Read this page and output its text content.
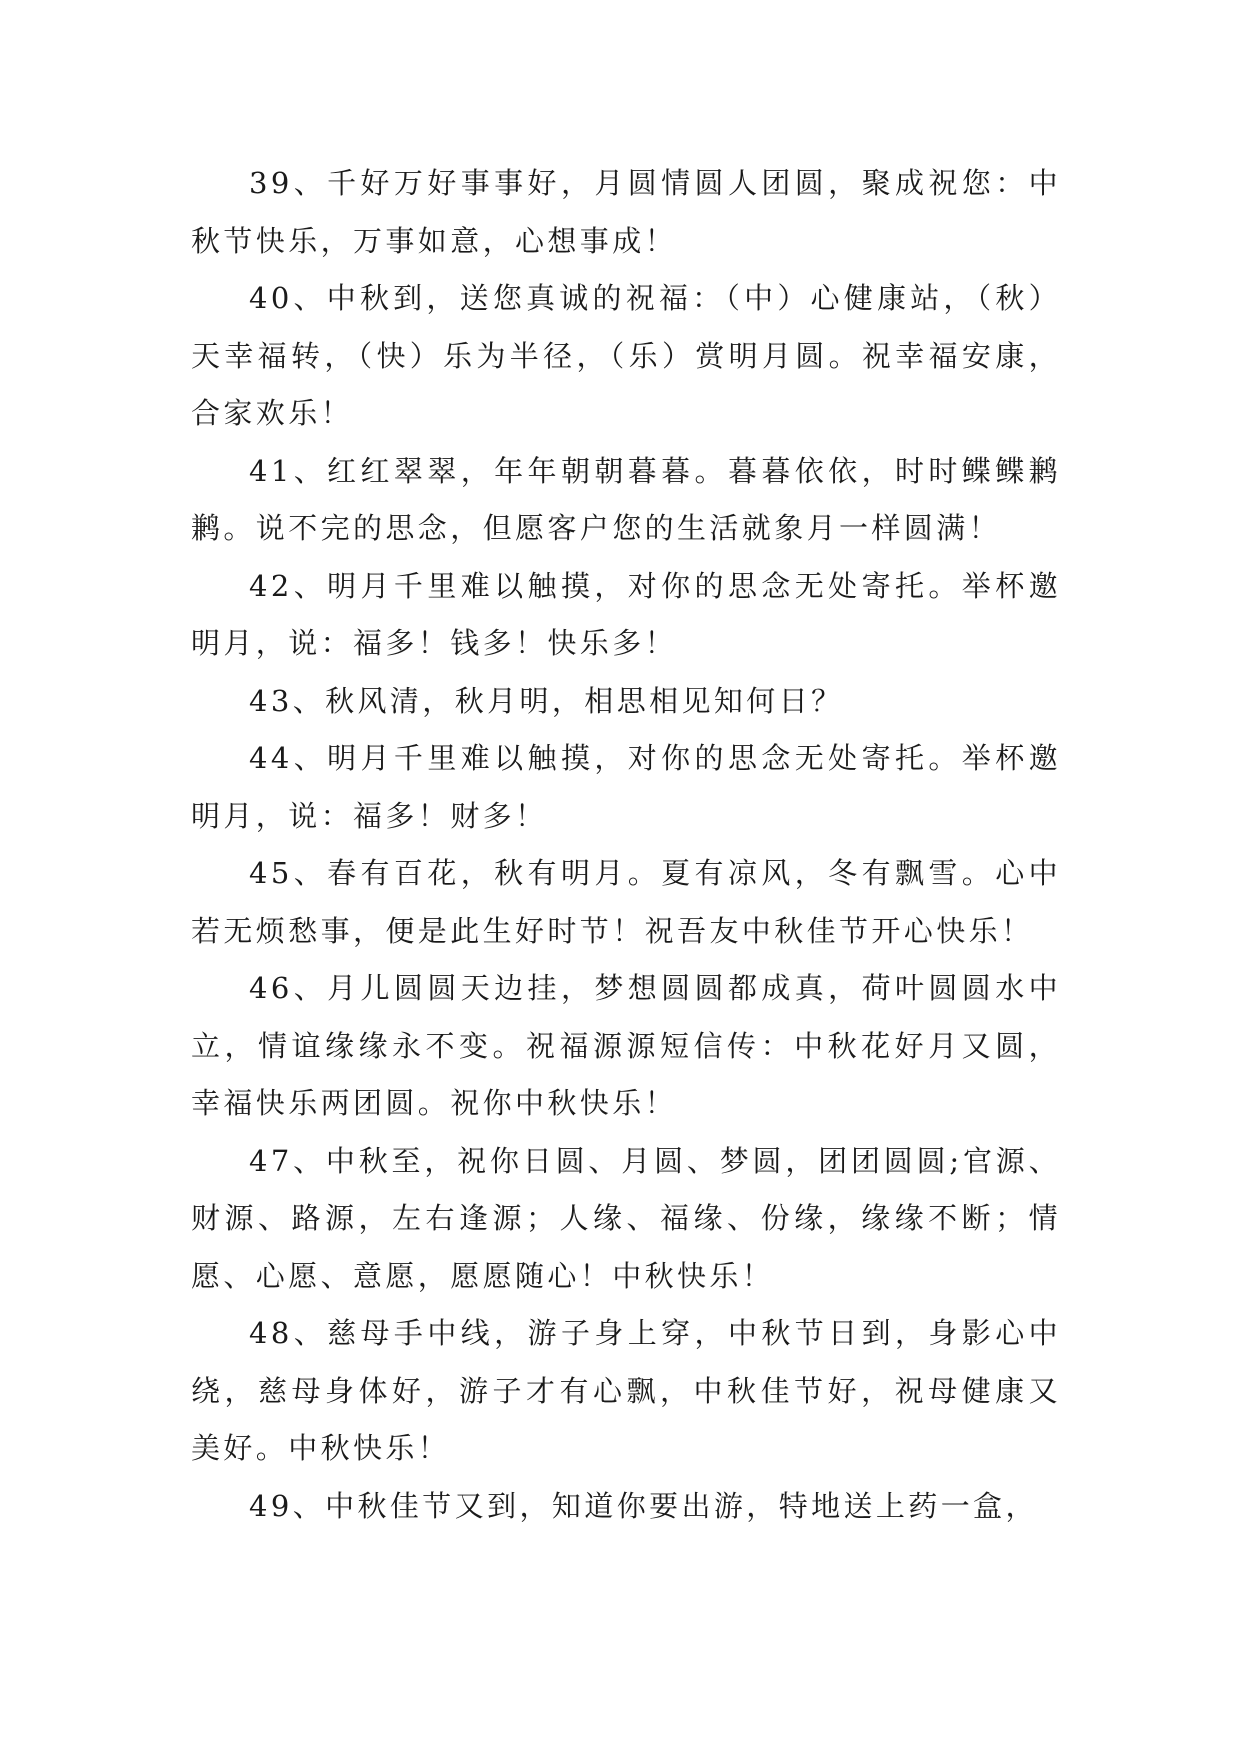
39、千好万好事事好，月圆情圆人团圆，聚成祝您：中秋节快乐，万事如意，心想事成！

40、中秋到，送您真诚的祝福：（中）心健康站，（秋）天幸福转，（快）乐为半径，（乐）赏明月圆。祝幸福安康，合家欢乐！

41、红红翠翠，年年朝朝暮暮。暮暮依依，时时鲽鲽鹣鹣。说不完的思念，但愿客户您的生活就象月一样圆满！

42、明月千里难以触摸，对你的思念无处寄托。举杯邀明月，说：福多！钱多！快乐多！

43、秋风清，秋月明，相思相见知何日？

44、明月千里难以触摸，对你的思念无处寄托。举杯邀明月，说：福多！财多！

45、春有百花，秋有明月。夏有凉风，冬有飘雪。心中若无烦愁事，便是此生好时节！祝吾友中秋佳节开心快乐！

46、月儿圆圆天边挂，梦想圆圆都成真，荷叶圆圆水中立，情谊缘缘永不变。祝福源源短信传：中秋花好月又圆，幸福快乐两团圆。祝你中秋快乐！

47、中秋至，祝你日圆、月圆、梦圆，团团圆圆;官源、财源、路源，左右逢源；人缘、福缘、份缘，缘缘不断；情愿、心愿、意愿，愿愿随心！中秋快乐！

48、慈母手中线，游子身上穿，中秋节日到，身影心中绕，慈母身体好，游子才有心飘，中秋佳节好，祝母健康又美好。中秋快乐！

49、中秋佳节又到，知道你要出游，特地送上药一盒，
